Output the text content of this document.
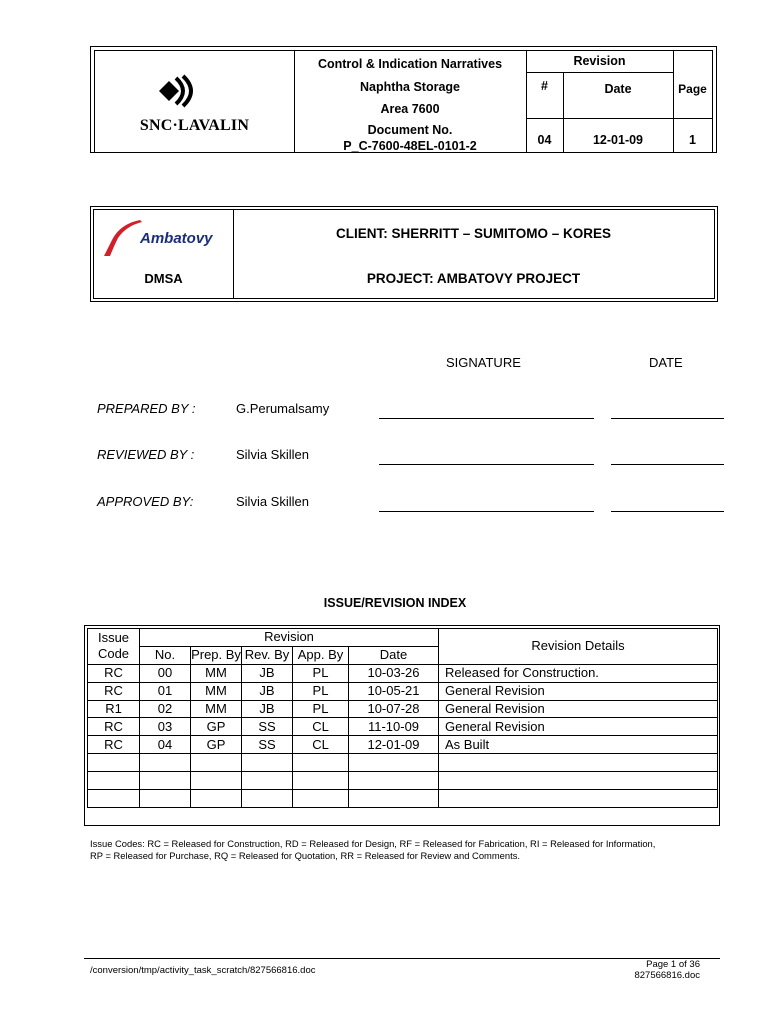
SNC·LAVALIN
Control & Indication Narratives
Naphtha Storage
Area 7600
Document No.
P_C-7600-48EL-0101-2
Revision
#	Date	Page
04	12-01-09	1
Ambatovy
DMSA
CLIENT: SHERRITT – SUMITOMO – KORES
PROJECT: AMBATOVY PROJECT
SIGNATURE	DATE
PREPARED BY :	G.Perumalsamy
REVIEWED BY :	Silvia Skillen
APPROVED BY:	Silvia Skillen
ISSUE/REVISION INDEX
Issue Code	Revision					Revision Details
	No.	Prep. By	Rev. By	App. By	Date	

RC	00	MM	JB	PL	10-03-26	Released for Construction.
RC	01	MM	JB	PL	10-05-21	General Revision
R1	02	MM	JB	PL	10-07-28	General Revision
RC	03	GP	SS	CL	11-10-09	General Revision
RC	04	GP	SS	CL	12-01-09	As Built

Issue Codes: RC = Released for Construction, RD = Released for Design, RF = Released for Fabrication, RI = Released for Information,
RP = Released for Purchase, RQ = Released for Quotation, RR = Released for Review and Comments.
/conversion/tmp/activity_task_scratch/827566816.doc
Page 1 of 36
827566816.doc
